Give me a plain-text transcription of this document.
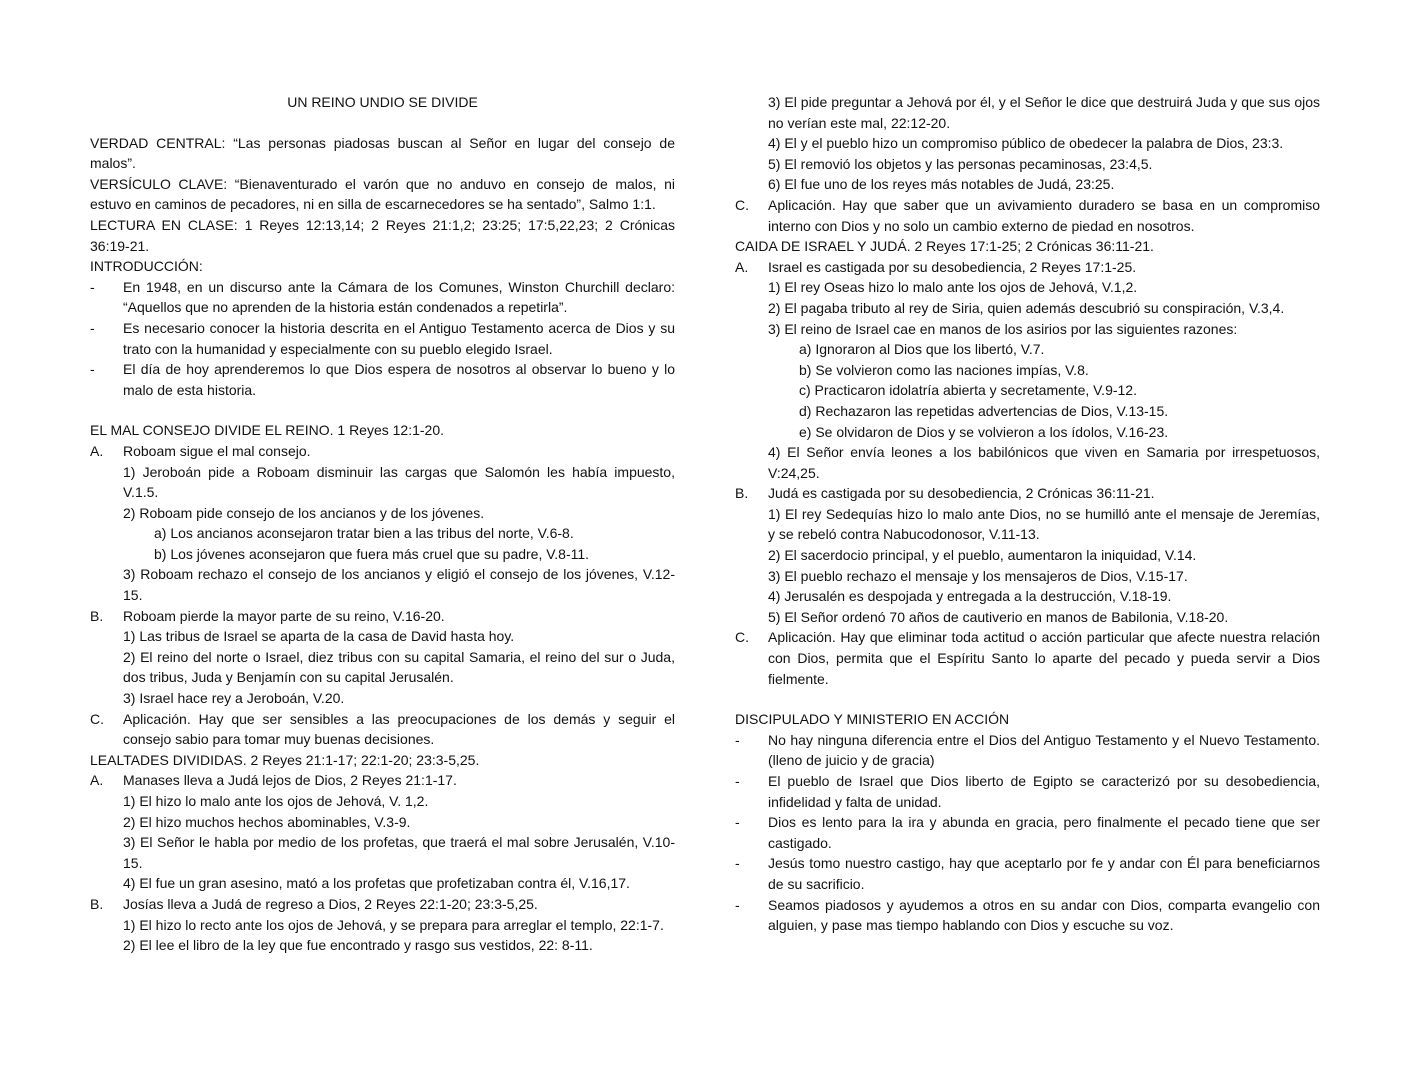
UN REINO UNDIO SE DIVIDE
VERDAD CENTRAL: “Las personas piadosas buscan al Señor en lugar del consejo de malos”.
VERSÍCULO CLAVE: “Bienaventurado el varón que no anduvo en consejo de malos, ni estuvo en caminos de pecadores, ni en silla de escarnecedores se ha sentado”, Salmo 1:1.
LECTURA EN CLASE: 1 Reyes 12:13,14; 2 Reyes 21:1,2; 23:25; 17:5,22,23; 2 Crónicas 36:19-21.
INTRODUCCIÓN:
- En 1948, en un discurso ante la Cámara de los Comunes, Winston Churchill declaro: “Aquellos que no aprenden de la historia están condenados a repetirla”.
- Es necesario conocer la historia descrita en el Antiguo Testamento acerca de Dios y su trato con la humanidad y especialmente con su pueblo elegido Israel.
- El día de hoy aprenderemos lo que Dios espera de nosotros al observar lo bueno y lo malo de esta historia.
EL MAL CONSEJO DIVIDE EL REINO. 1 Reyes 12:1-20.
A. Roboam sigue el mal consejo.
1) Jeroboán pide a Roboam disminuir las cargas que Salomón les había impuesto, V.1.5.
2) Roboam pide consejo de los ancianos y de los jóvenes.
a) Los ancianos aconsejaron tratar bien a las tribus del norte, V.6-8.
b) Los jóvenes aconsejaron que fuera más cruel que su padre, V.8-11.
3) Roboam rechazo el consejo de los ancianos y eligió el consejo de los jóvenes, V.12-15.
B. Roboam pierde la mayor parte de su reino, V.16-20.
1) Las tribus de Israel se aparta de la casa de David hasta hoy.
2) El reino del norte o Israel, diez tribus con su capital Samaria, el reino del sur o Juda, dos tribus, Juda y Benjamín con su capital Jerusalén.
3) Israel hace rey a Jeroboán, V.20.
C. Aplicación. Hay que ser sensibles a las preocupaciones de los demás y seguir el consejo sabio para tomar muy buenas decisiones.
LEALTADES DIVIDIDAS. 2 Reyes 21:1-17; 22:1-20; 23:3-5,25.
A. Manases lleva a Judá lejos de Dios, 2 Reyes 21:1-17.
1) El hizo lo malo ante los ojos de Jehová, V. 1,2.
2) El hizo muchos hechos abominables, V.3-9.
3) El Señor le habla por medio de los profetas, que traerá el mal sobre Jerusalén, V.10-15.
4) El fue un gran asesino, mató a los profetas que profetizaban contra él, V.16,17.
B. Josías lleva a Judá de regreso a Dios, 2 Reyes 22:1-20; 23:3-5,25.
1) El hizo lo recto ante los ojos de Jehová, y se prepara para arreglar el templo, 22:1-7.
2) El lee el libro de la ley que fue encontrado y rasgo sus vestidos, 22: 8-11.
3) El pide preguntar a Jehová por él, y el Señor le dice que destruirá Juda y que sus ojos no verían este mal, 22:12-20.
4) El y el pueblo hizo un compromiso público de obedecer la palabra de Dios, 23:3.
5) El removió los objetos y las personas pecaminosas, 23:4,5.
6) El fue uno de los reyes más notables de Judá, 23:25.
C. Aplicación. Hay que saber que un avivamiento duradero se basa en un compromiso interno con Dios y no solo un cambio externo de piedad en nosotros.
CAIDA DE ISRAEL Y JUDÁ. 2 Reyes 17:1-25; 2 Crónicas 36:11-21.
A. Israel es castigada por su desobediencia, 2 Reyes 17:1-25.
1) El rey Oseas hizo lo malo ante los ojos de Jehová, V.1,2.
2) El pagaba tributo al rey de Siria, quien además descubrió su conspiración, V.3,4.
3) El reino de Israel cae en manos de los asirios por las siguientes razones:
a) Ignoraron al Dios que los libertó, V.7.
b) Se volvieron como las naciones impías, V.8.
c) Practicaron idolatría abierta y secretamente, V.9-12.
d) Rechazaron las repetidas advertencias de Dios, V.13-15.
e) Se olvidaron de Dios y se volvieron a los ídolos, V.16-23.
4) El Señor envía leones a los babilónicos que viven en Samaria por irrespetuosos, V:24,25.
B. Judá es castigada por su desobediencia, 2 Crónicas 36:11-21.
1) El rey Sedequías hizo lo malo ante Dios, no se humilló ante el mensaje de Jeremías, y se rebeló contra Nabucodonosor, V.11-13.
2) El sacerdocio principal, y el pueblo, aumentaron la iniquidad, V.14.
3) El pueblo rechazo el mensaje y los mensajeros de Dios, V.15-17.
4) Jerusalén es despojada y entregada a la destrucción, V.18-19.
5) El Señor ordenó 70 años de cautiverio en manos de Babilonia, V.18-20.
C. Aplicación. Hay que eliminar toda actitud o acción particular que afecte nuestra relación con Dios, permita que el Espíritu Santo lo aparte del pecado y pueda servir a Dios fielmente.
DISCIPULADO Y MINISTERIO EN ACCIÓN
- No hay ninguna diferencia entre el Dios del Antiguo Testamento y el Nuevo Testamento. (lleno de juicio y de gracia)
- El pueblo de Israel que Dios liberto de Egipto se caracterizó por su desobediencia, infidelidad y falta de unidad.
- Dios es lento para la ira y abunda en gracia, pero finalmente el pecado tiene que ser castigado.
- Jesús tomo nuestro castigo, hay que aceptarlo por fe y andar con Él para beneficiarnos de su sacrificio.
- Seamos piadosos y ayudemos a otros en su andar con Dios, comparta evangelio con alguien, y pase mas tiempo hablando con Dios y escuche su voz.
